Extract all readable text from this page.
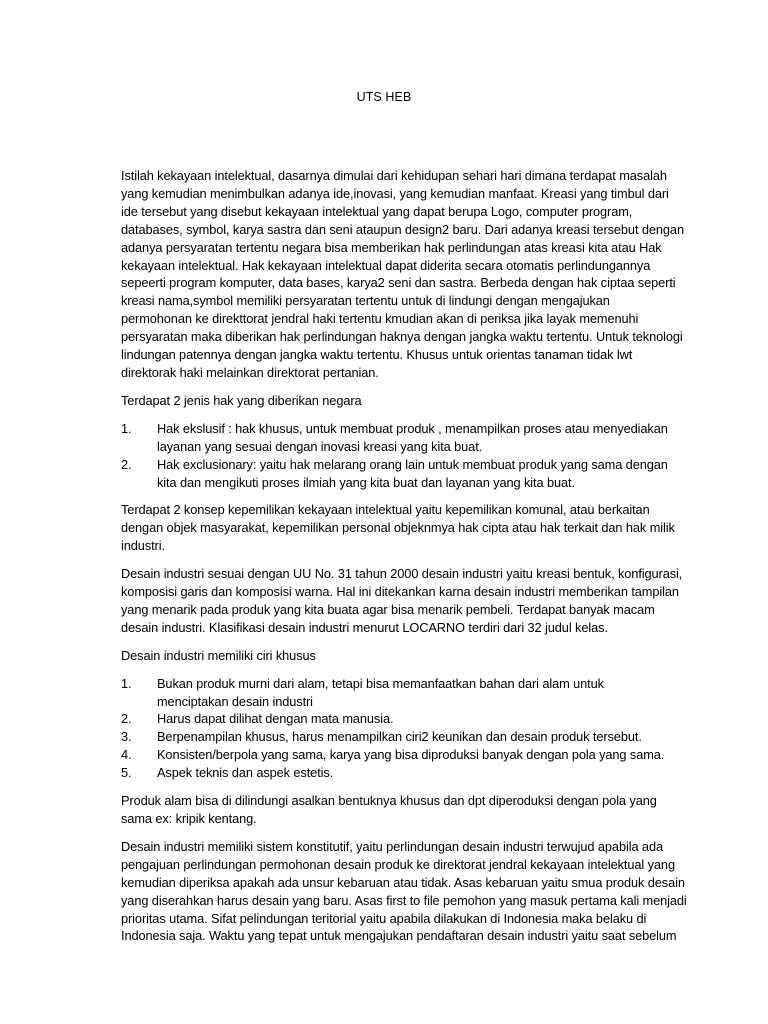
UTS HEB
Istilah kekayaan intelektual, dasarnya dimulai dari kehidupan sehari hari dimana terdapat masalah
yang kemudian menimbulkan adanya ide,inovasi, yang kemudian manfaat. Kreasi yang timbul dari
ide tersebut yang disebut kekayaan intelektual yang dapat berupa Logo, computer program,
databases, symbol, karya sastra dan seni ataupun design2 baru. Dari adanya kreasi tersebut dengan
adanya persyaratan tertentu negara bisa memberikan hak perlindungan atas kreasi kita atau Hak
kekayaan intelektual. Hak kekayaan intelektual dapat diderita secara otomatis perlindungannya
sepeerti program komputer, data bases, karya2 seni dan sastra. Berbeda dengan hak ciptaa seperti
kreasi nama,symbol memiliki persyaratan tertentu untuk di lindungi dengan mengajukan
permohonan ke direkttorat jendral haki tertentu kmudian akan di periksa jika layak memenuhi
persyaratan maka diberikan hak perlindungan haknya dengan jangka waktu tertentu. Untuk teknologi
lindungan patennya dengan jangka waktu tertentu. Khusus untuk orientas tanaman tidak lwt
direktorak haki melainkan direktorat pertanian.
Terdapat 2 jenis hak yang diberikan negara
1.	Hak ekslusif : hak khusus, untuk membuat produk , menampilkan proses atau menyediakan
layanan yang sesuai dengan inovasi kreasi yang kita buat.
2.	Hak exclusionary: yaitu hak melarang orang lain untuk membuat produk yang sama dengan
kita dan mengikuti proses ilmiah yang kita buat dan layanan yang kita buat.
Terdapat 2 konsep kepemilikan kekayaan intelektual yaitu kepemilikan komunal, atau berkaitan
dengan objek masyarakat, kepemilikan personal objeknmya hak cipta atau hak terkait dan hak milik
industri.
Desain industri sesuai dengan UU No. 31 tahun 2000 desain industri yaitu kreasi bentuk, konfigurasi,
komposisi garis dan komposisi warna. Hal ini ditekankan karna desain industri memberikan tampilan
yang menarik pada produk yang kita buata agar bisa menarik pembeli. Terdapat banyak macam
desain industri. Klasifikasi desain industri menurut LOCARNO terdiri dari 32 judul kelas.
Desain industri memiliki ciri khusus
1.	Bukan produk murni dari alam, tetapi bisa memanfaatkan bahan dari alam untuk
menciptakan desain industri
2.	Harus dapat dilihat dengan mata manusia.
3.	Berpenampilan khusus, harus menampilkan ciri2 keunikan dan desain produk tersebut.
4.	Konsisten/berpola yang sama, karya yang bisa diproduksi banyak dengan pola yang sama.
5.	Aspek teknis dan aspek estetis.
Produk alam bisa di dilindungi asalkan bentuknya khusus dan dpt diperoduksi dengan pola yang
sama ex: kripik kentang.
Desain industri memiliki sistem konstitutif, yaitu perlindungan desain industri terwujud apabila ada
pengajuan perlindungan permohonan desain produk ke direktorat jendral kekayaan intelektual yang
kemudian diperiksa apakah ada unsur kebaruan atau tidak. Asas kebaruan yaitu smua produk desain
yang diserahkan harus desain yang baru. Asas first to file pemohon yang masuk pertama kali menjadi
prioritas utama. Sifat pelindungan teritorial yaitu apabila dilakukan di Indonesia maka belaku di
Indonesia saja. Waktu yang tepat untuk mengajukan pendaftaran desain industri yaitu saat sebelum
